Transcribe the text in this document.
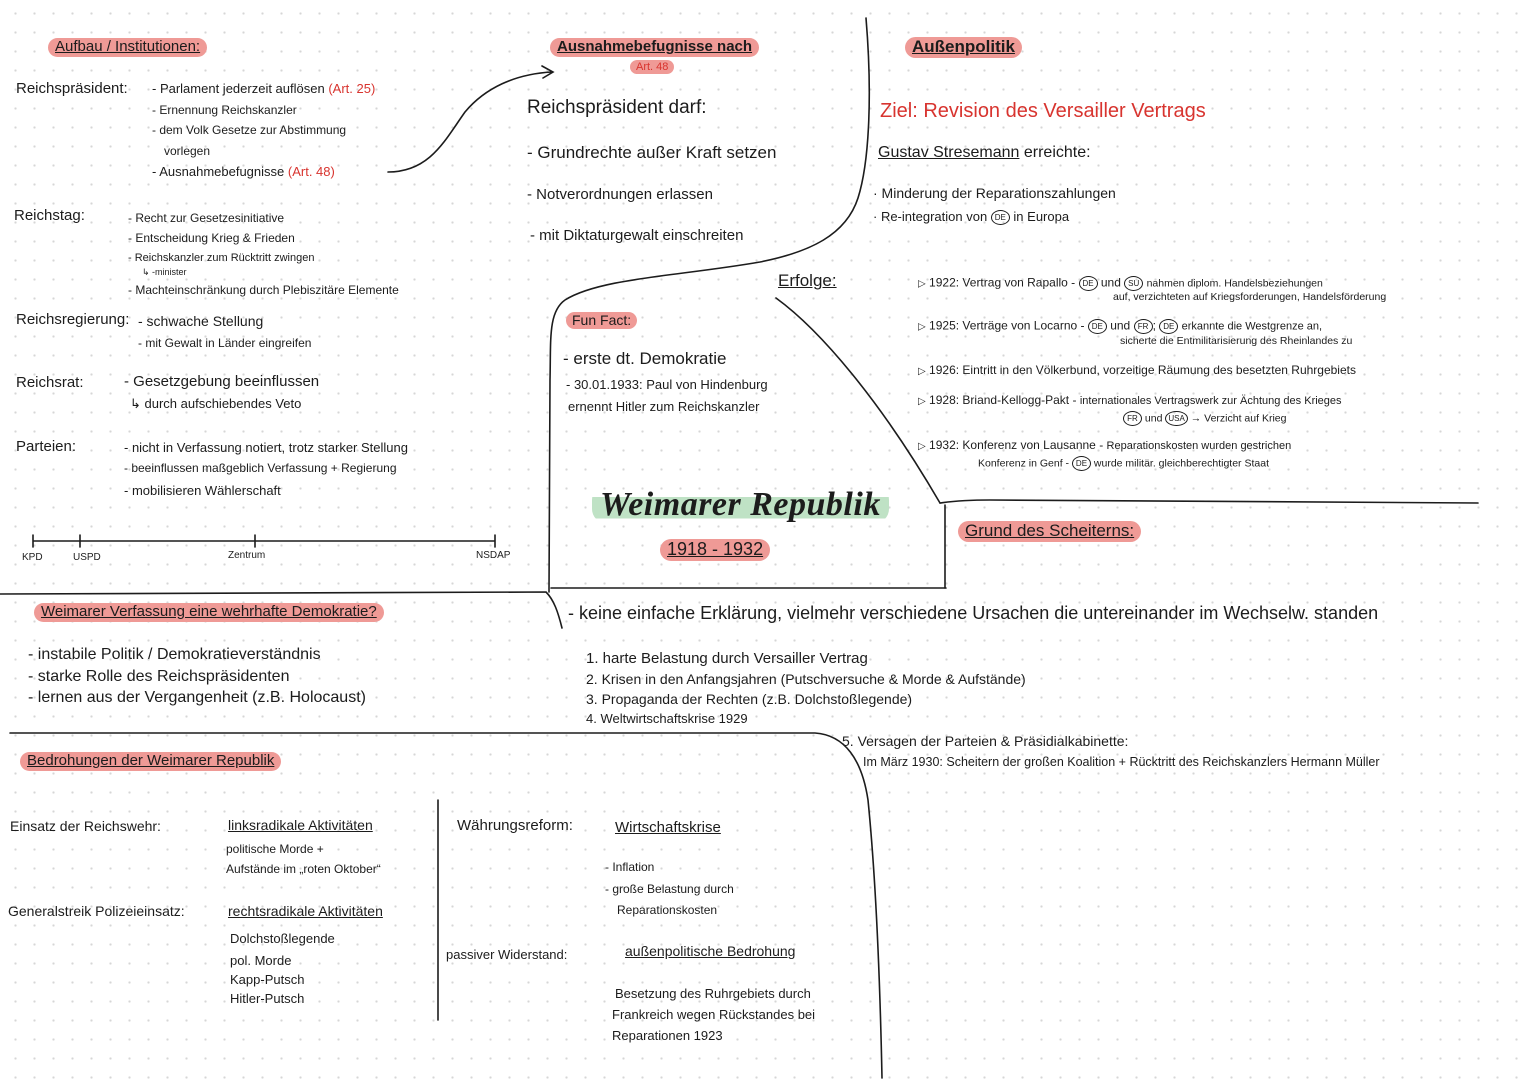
Aufbau / Institutionen:
Reichspräsident: - Parlament jederzeit auflösen (Art. 25)
- Ernennung Reichskanzler
- dem Volk Gesetze zur Abstimmung
vorlegen
- Ausnahmebefugnisse (Art. 48)
Reichstag:	- Recht zur Gesetzesinitiative
- Entscheidung Krieg & Frieden
- Reichskanzler zum Rücktritt zwingen
↳ -minister
- Machteinschränkung durch Plebiszitäre Elemente
Reichsregierung: - schwache Stellung
- mit Gewalt in Länder eingreifen
Reichsrat:	- Gesetzgebung beeinflussen
↳ durch aufschiebendes Veto
Parteien:	- nicht in Verfassung notiert, trotz starker Stellung
- beeinflussen maßgeblich Verfassung + Regierung
- mobilisieren Wählerschaft
KPD	USPD	Zentrum	NSDAP
Ausnahmebefugnisse nach
Art. 48
Reichspräsident darf:
- Grundrechte außer Kraft setzen
- Notverordnungen erlassen
- mit Diktaturgewalt einschreiten
Fun Fact:
- erste dt. Demokratie
- 30.01.1933: Paul von Hindenburg
ernennt Hitler zum Reichskanzler
Weimarer Republik
1918 - 1932
Außenpolitik
Ziel: Revision des Versailler Vertrags
Gustav Stresemann erreichte:
· Minderung der Reparationszahlungen
· Re-integration von DE in Europa
Erfolge:	▷ 1922: Vertrag von Rapallo - DE und SU nahmen diplom. Handelsbeziehungen
auf, verzichteten auf Kriegsforderungen, Handelsförderung
▷ 1925: Verträge von Locarno - DE und FR ; DE erkannte die Westgrenze an,
sicherte die Entmilitarisierung des Rheinlandes zu
▷ 1926: Eintritt in den Völkerbund, vorzeitige Räumung des besetzten Ruhrgebiets
▷ 1928: Briand-Kellogg-Pakt - internationales Vertragswerk zur Ächtung des Krieges
FR und USA → Verzicht auf Krieg
▷ 1932: Konferenz von Lausanne - Reparationskosten wurden gestrichen
Konferenz in Genf - DE wurde militär. gleichberechtigter Staat
Grund des Scheiterns:
- keine einfache Erklärung, vielmehr verschiedene Ursachen die untereinander im Wechselw. standen
1. harte Belastung durch Versailler Vertrag
2. Krisen in den Anfangsjahren (Putschversuche & Morde & Aufstände)
3. Propaganda der Rechten (z.B. Dolchstoßlegende)
4. Weltwirtschaftskrise 1929
5. Versagen der Parteien & Präsidialkabinette:
Im März 1930: Scheitern der großen Koalition + Rücktritt des Reichskanzlers Hermann Müller
Weimarer Verfassung eine wehrhafte Demokratie?
- instabile Politik / Demokratieverständnis
- starke Rolle des Reichspräsidenten
- lernen aus der Vergangenheit (z.B. Holocaust)
Bedrohungen der Weimarer Republik
Einsatz der Reichswehr:	linksradikale Aktivitäten
politische Morde +
Aufstände im „roten Oktober“
Generalstreik Polizeieinsatz:	rechtsradikale Aktivitäten
Dolchstoßlegende
pol. Morde
Kapp-Putsch
Hitler-Putsch
Währungsreform:	Wirtschaftskrise
- Inflation
- große Belastung durch
Reparationskosten
passiver Widerstand:	außenpolitische Bedrohung
Besetzung des Ruhrgebiets durch
Frankreich wegen Rückstandes bei
Reparationen 1923
